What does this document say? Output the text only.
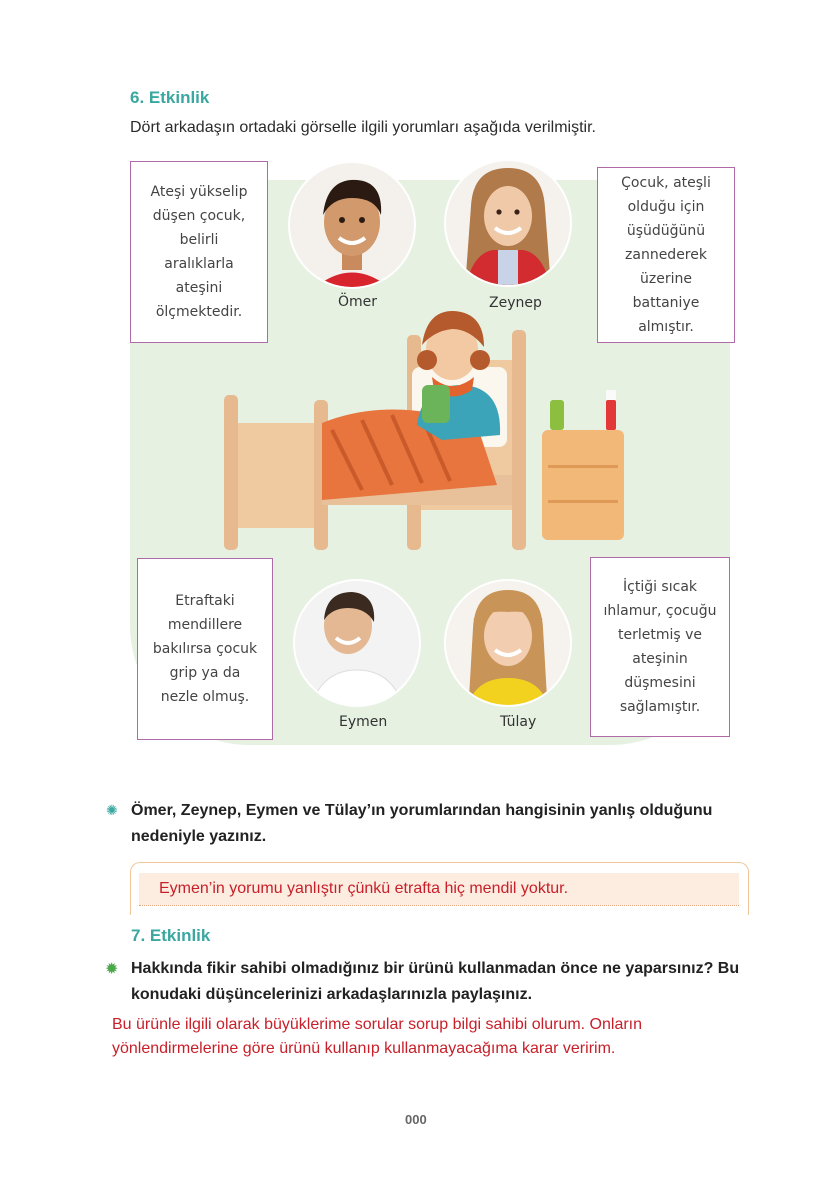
6. Etkinlik
Dört arkadaşın ortadaki görselle ilgili yorumları aşağıda verilmiştir.
Ömer	Zeynep
Eymen	Tülay
Ateşi yükselip düşen çocuk, belirli aralıklarla ateşini ölçmektedir.
Çocuk, ateşli olduğu için üşüdüğünü zannederek üzerine battaniye almıştır.
Etraftaki mendillere bakılırsa çocuk grip ya da nezle olmuş.
İçtiği sıcak ıhlamur, çocuğu terletmiş ve ateşinin düşmesini sağlamıştır.
✺ Ömer, Zeynep, Eymen ve Tülay’ın yorumlarından hangisinin yanlış olduğunu nedeniyle yazınız.
Eymen’in yorumu yanlıştır çünkü etrafta hiç mendil yoktur.
7. Etkinlik
✹ Hakkında fikir sahibi olmadığınız bir ürünü kullanmadan önce ne yaparsınız? Bu konudaki düşüncelerinizi arkadaşlarınızla paylaşınız.
Bu ürünle ilgili olarak büyüklerime sorular sorup bilgi sahibi olurum. Onların yönlendirmelerine göre ürünü kullanıp kullanmayacağıma karar veririm.
000
